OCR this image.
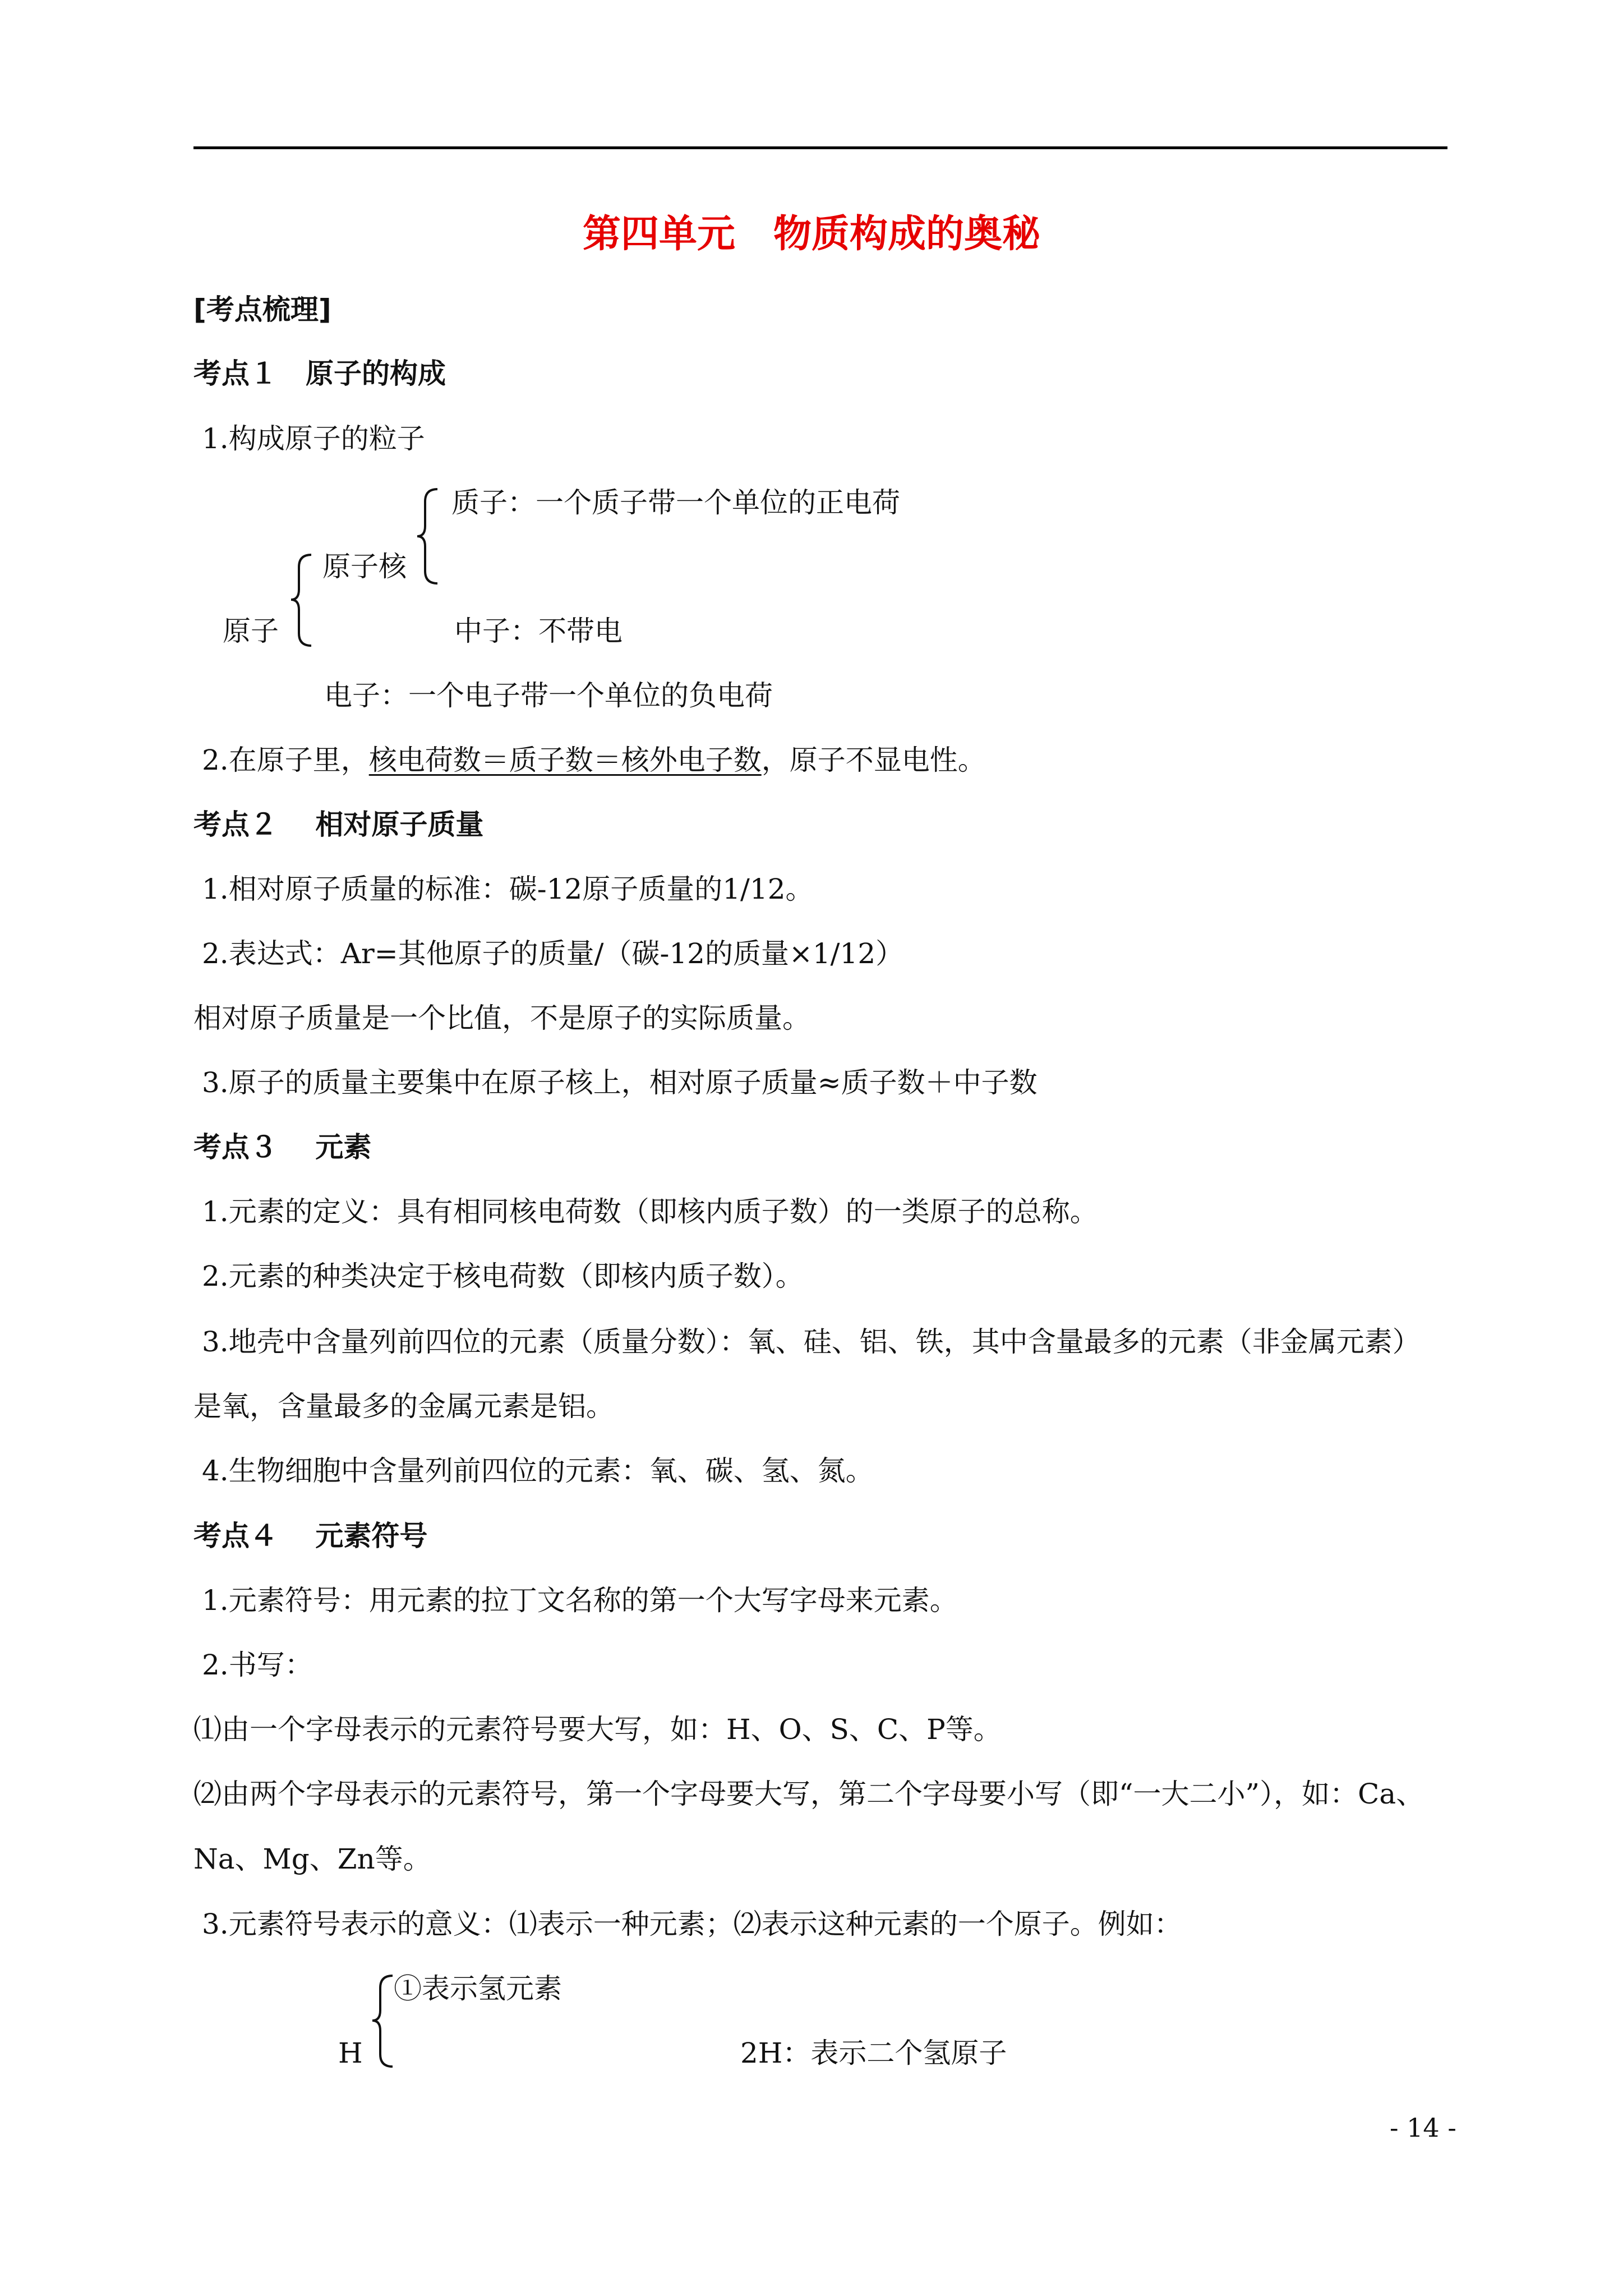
第四单元　物质构成的奥秘
[考点梳理]
考点１　原子的构成
1.构成原子的粒子
质子：一个质子带一个单位的正电荷
原子核
原子	中子：不带电
电子：一个电子带一个单位的负电荷
2.在原子里，核电荷数＝质子数＝核外电子数，原子不显电性。
考点２　 相对原子质量
1.相对原子质量的标准：碳-12原子质量的1/12。
2.表达式：Ar=其他原子的质量/（碳-12的质量×1/12）
相对原子质量是一个比值，不是原子的实际质量。
3.原子的质量主要集中在原子核上，相对原子质量≈质子数＋中子数
考点３　 元素
1.元素的定义：具有相同核电荷数（即核内质子数）的一类原子的总称。
2.元素的种类决定于核电荷数（即核内质子数）。
3.地壳中含量列前四位的元素（质量分数）：氧、硅、铝、铁，其中含量最多的元素（非金属元素）
是氧，含量最多的金属元素是铝。
4.生物细胞中含量列前四位的元素：氧、碳、氢、氮。
考点４　 元素符号
1.元素符号：用元素的拉丁文名称的第一个大写字母来元素。
2.书写：
⑴由一个字母表示的元素符号要大写，如：H、O、S、C、P等。
⑵由两个字母表示的元素符号，第一个字母要大写，第二个字母要小写（即“一大二小”），如：Ca、
Na、Mg、Zn等。
3.元素符号表示的意义：⑴表示一种元素；⑵表示这种元素的一个原子。例如：
①表示氢元素
H	2H：表示二个氢原子
- 14 -
